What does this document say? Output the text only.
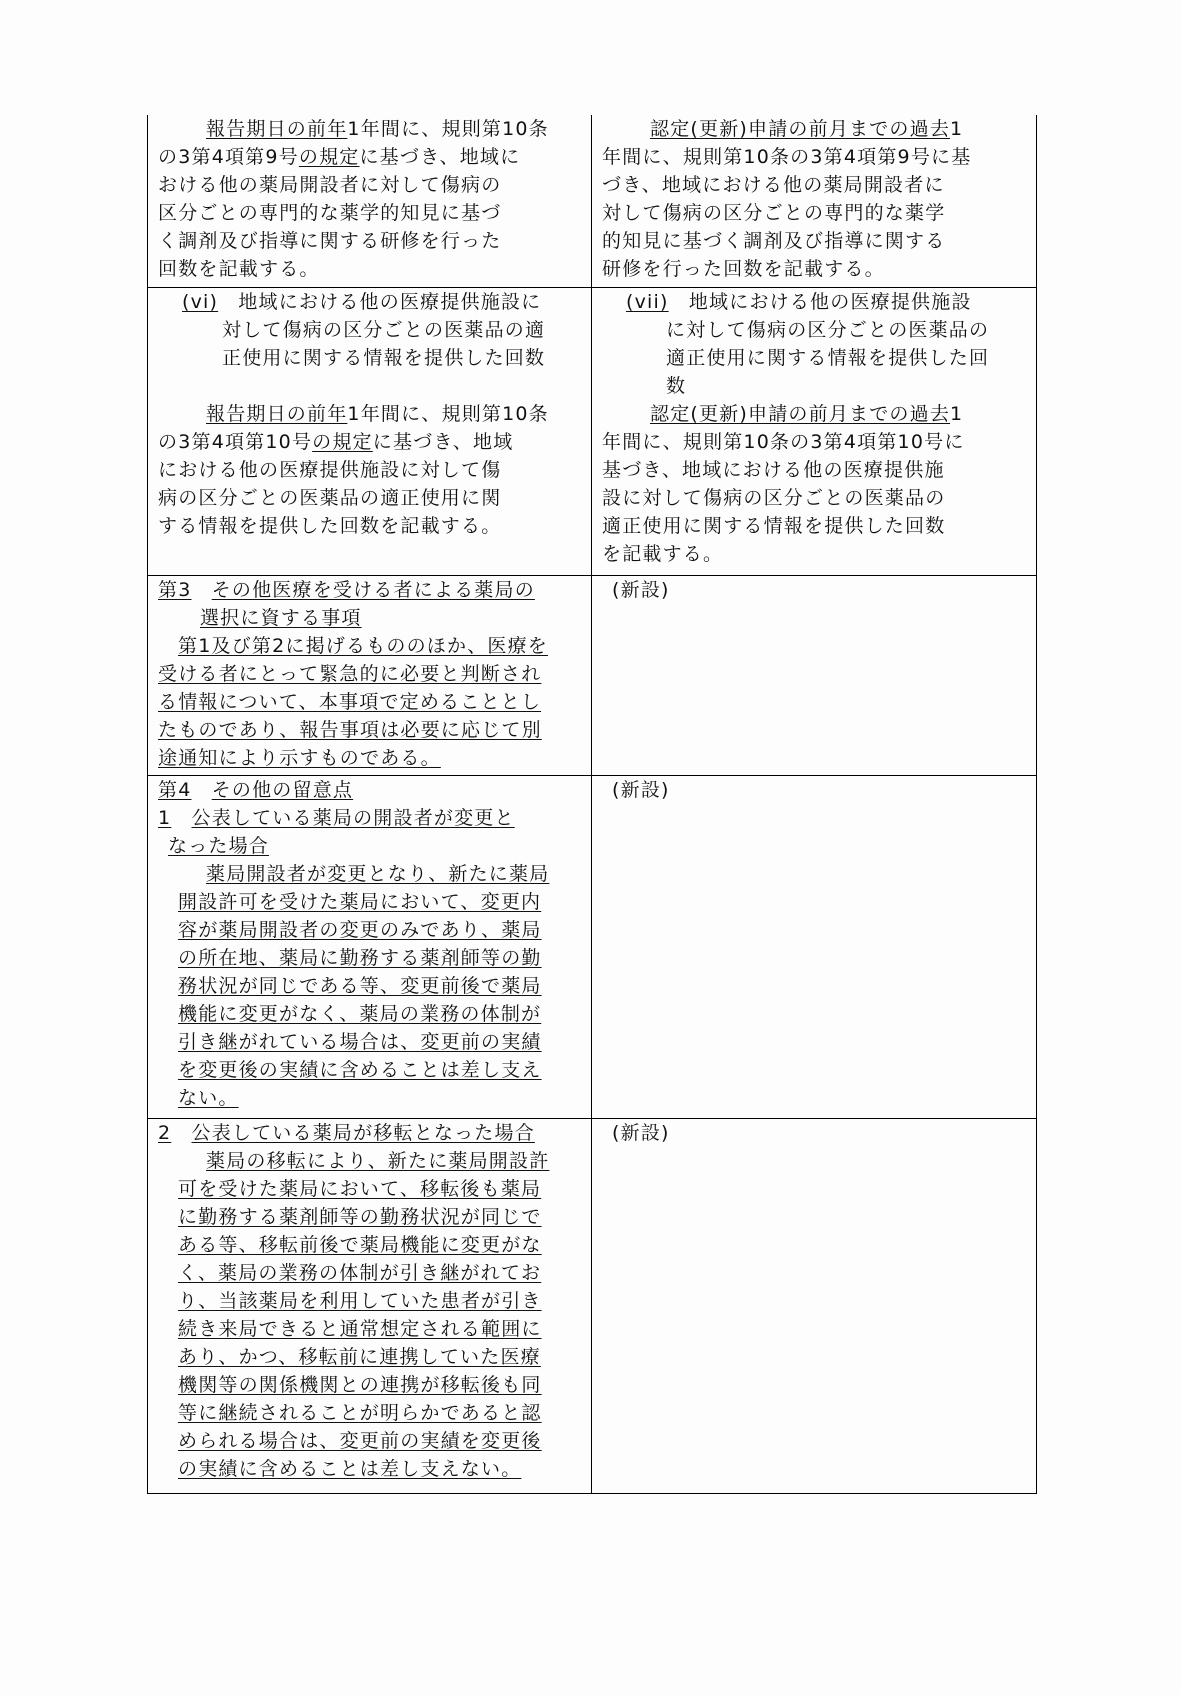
報告期日の前年1年間に、規則第10条
の3第4項第9号の規定に基づき、地域に
おける他の薬局開設者に対して傷病の
区分ごとの専門的な薬学的知見に基づ
く調剤及び指導に関する研修を行った
回数を記載する。
認定(更新)申請の前月までの過去1
年間に、規則第10条の3第4項第9号に基
づき、地域における他の薬局開設者に
対して傷病の区分ごとの専門的な薬学
的知見に基づく調剤及び指導に関する
研修を行った回数を記載する。
(vi)　地域における他の医療提供施設に
対して傷病の区分ごとの医薬品の適
正使用に関する情報を提供した回数
報告期日の前年1年間に、規則第10条
の3第4項第10号の規定に基づき、地域
における他の医療提供施設に対して傷
病の区分ごとの医薬品の適正使用に関
する情報を提供した回数を記載する。
(vii)　地域における他の医療提供施設
に対して傷病の区分ごとの医薬品の
適正使用に関する情報を提供した回
数
認定(更新)申請の前月までの過去1
年間に、規則第10条の3第4項第10号に
基づき、地域における他の医療提供施
設に対して傷病の区分ごとの医薬品の
適正使用に関する情報を提供した回数
を記載する。
第3　 その他医療を受ける者による薬局の
選択に資する事項
第1及び第2に掲げるもののほか、医療を
受ける者にとって緊急的に必要と判断され
る情報について、本事項で定めることとし
たものであり、報告事項は必要に応じて別
途通知により示すものである。
(新設)
第4　 その他の留意点
1　 公表している薬局の開設者が変更と
なった場合
薬局開設者が変更となり、新たに薬局
開設許可を受けた薬局において、変更内
容が薬局開設者の変更のみであり、薬局
の所在地、薬局に勤務する薬剤師等の勤
務状況が同じである等、変更前後で薬局
機能に変更がなく、薬局の業務の体制が
引き継がれている場合は、変更前の実績
を変更後の実績に含めることは差し支え
ない。
(新設)
2　 公表している薬局が移転となった場合
薬局の移転により、新たに薬局開設許
可を受けた薬局において、移転後も薬局
に勤務する薬剤師等の勤務状況が同じで
ある等、移転前後で薬局機能に変更がな
く、薬局の業務の体制が引き継がれてお
り、当該薬局を利用していた患者が引き
続き来局できると通常想定される範囲に
あり、かつ、移転前に連携していた医療
機関等の関係機関との連携が移転後も同
等に継続されることが明らかであると認
められる場合は、変更前の実績を変更後
の実績に含めることは差し支えない。
(新設)
